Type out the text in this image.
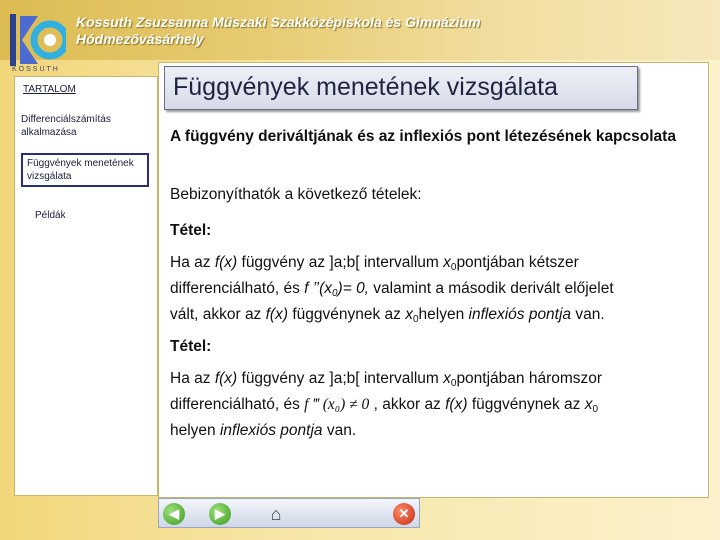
KOSSUTH
Kossuth Zsuzsanna Műszaki Szakközépiskola és Gimnázium
Hódmezővásárhely
TARTALOM
Differenciálszámítás alkalmazása
Függvények menetének vizsgálata
Példák
Függvények menetének vizsgálata
A függvény deriváltjának és az inflexiós pont létezésének kapcsolata
Bebizonyíthatók a következő tételek:
Tétel:
Ha az f(x) függvény az ]a;b[ intervallum $x_0pontjában$ kétszer
differenciálható, és f $’’(x_0)= 0$, valamint a második derivált előjelet
vált, akkor az f(x) függvénynek az $x_0helyen$ inflexiós pontja van.
Tétel:
Ha az f(x) függvény az ]a;b[ intervallum $x_0pontjában$ háromszor
differenciálható, és f ‴ (x₀) ≠ 0 , akkor az f(x) függvénynek az $x_0$
helyen inflexiós pontja van.
◀	▶	⌂	✕
